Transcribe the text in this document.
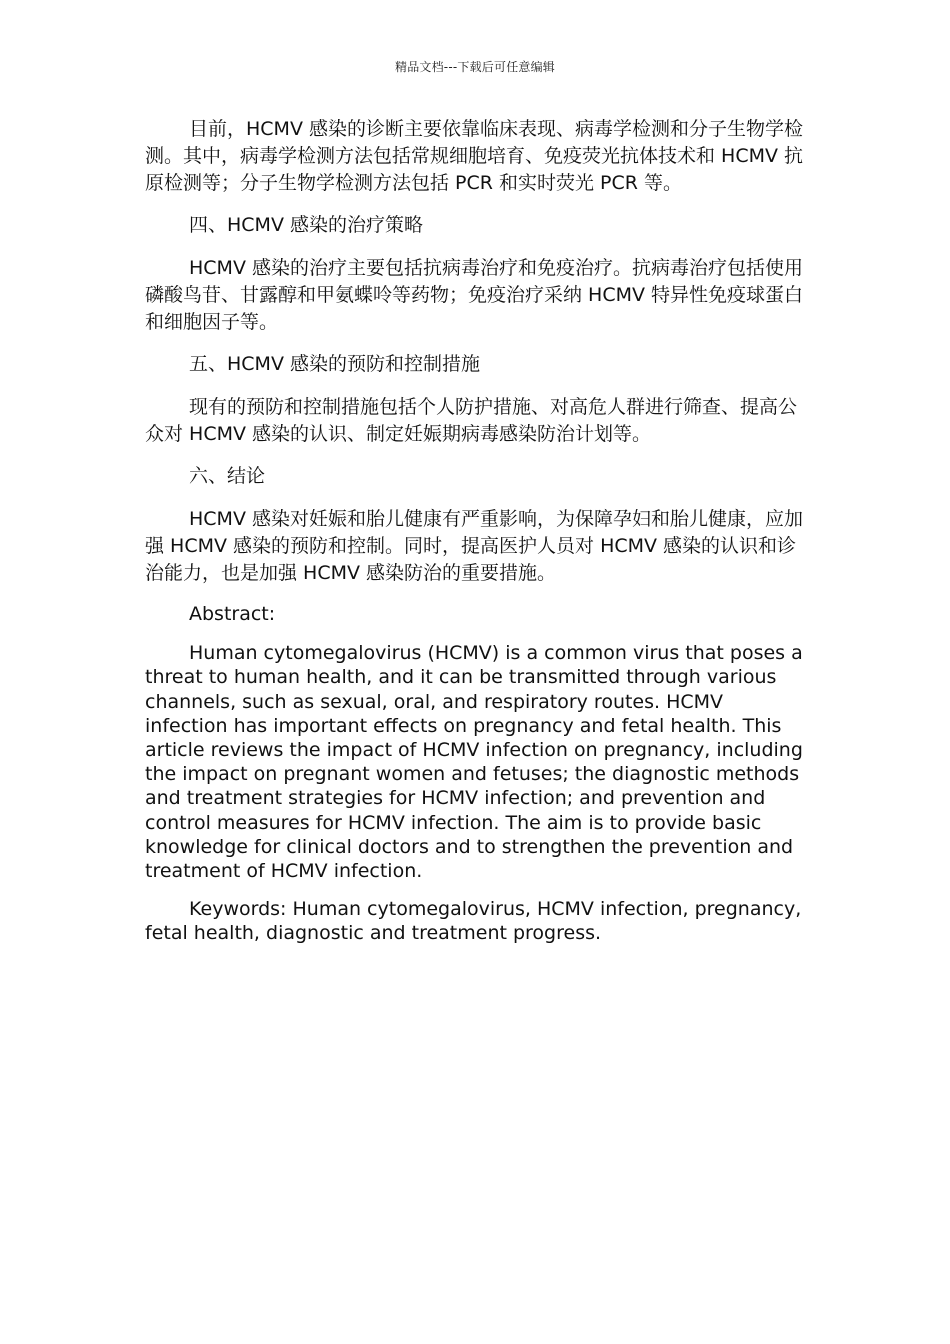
精品文档---下载后可任意编辑

目前，HCMV 感染的诊断主要依靠临床表现、病毒学检测和分子生物学检测。其中，病毒学检测方法包括常规细胞培育、免疫荧光抗体技术和 HCMV 抗原检测等；分子生物学检测方法包括 PCR 和实时荧光 PCR 等。

四、HCMV 感染的治疗策略

HCMV 感染的治疗主要包括抗病毒治疗和免疫治疗。抗病毒治疗包括使用磷酸鸟苷、甘露醇和甲氨蝶呤等药物；免疫治疗采纳 HCMV 特异性免疫球蛋白和细胞因子等。

五、HCMV 感染的预防和控制措施

现有的预防和控制措施包括个人防护措施、对高危人群进行筛查、提高公众对 HCMV 感染的认识、制定妊娠期病毒感染防治计划等。

六、结论

HCMV 感染对妊娠和胎儿健康有严重影响，为保障孕妇和胎儿健康，应加强 HCMV 感染的预防和控制。同时，提高医护人员对 HCMV 感染的认识和诊治能力，也是加强 HCMV 感染防治的重要措施。

Abstract:

Human cytomegalovirus (HCMV) is a common virus that poses a threat to human health, and it can be transmitted through various channels, such as sexual, oral, and respiratory routes. HCMV infection has important effects on pregnancy and fetal health. This article reviews the impact of HCMV infection on pregnancy, including the impact on pregnant women and fetuses; the diagnostic methods and treatment strategies for HCMV infection; and prevention and control measures for HCMV infection. The aim is to provide basic knowledge for clinical doctors and to strengthen the prevention and treatment of HCMV infection.

Keywords: Human cytomegalovirus, HCMV infection, pregnancy, fetal health, diagnostic and treatment progress.
